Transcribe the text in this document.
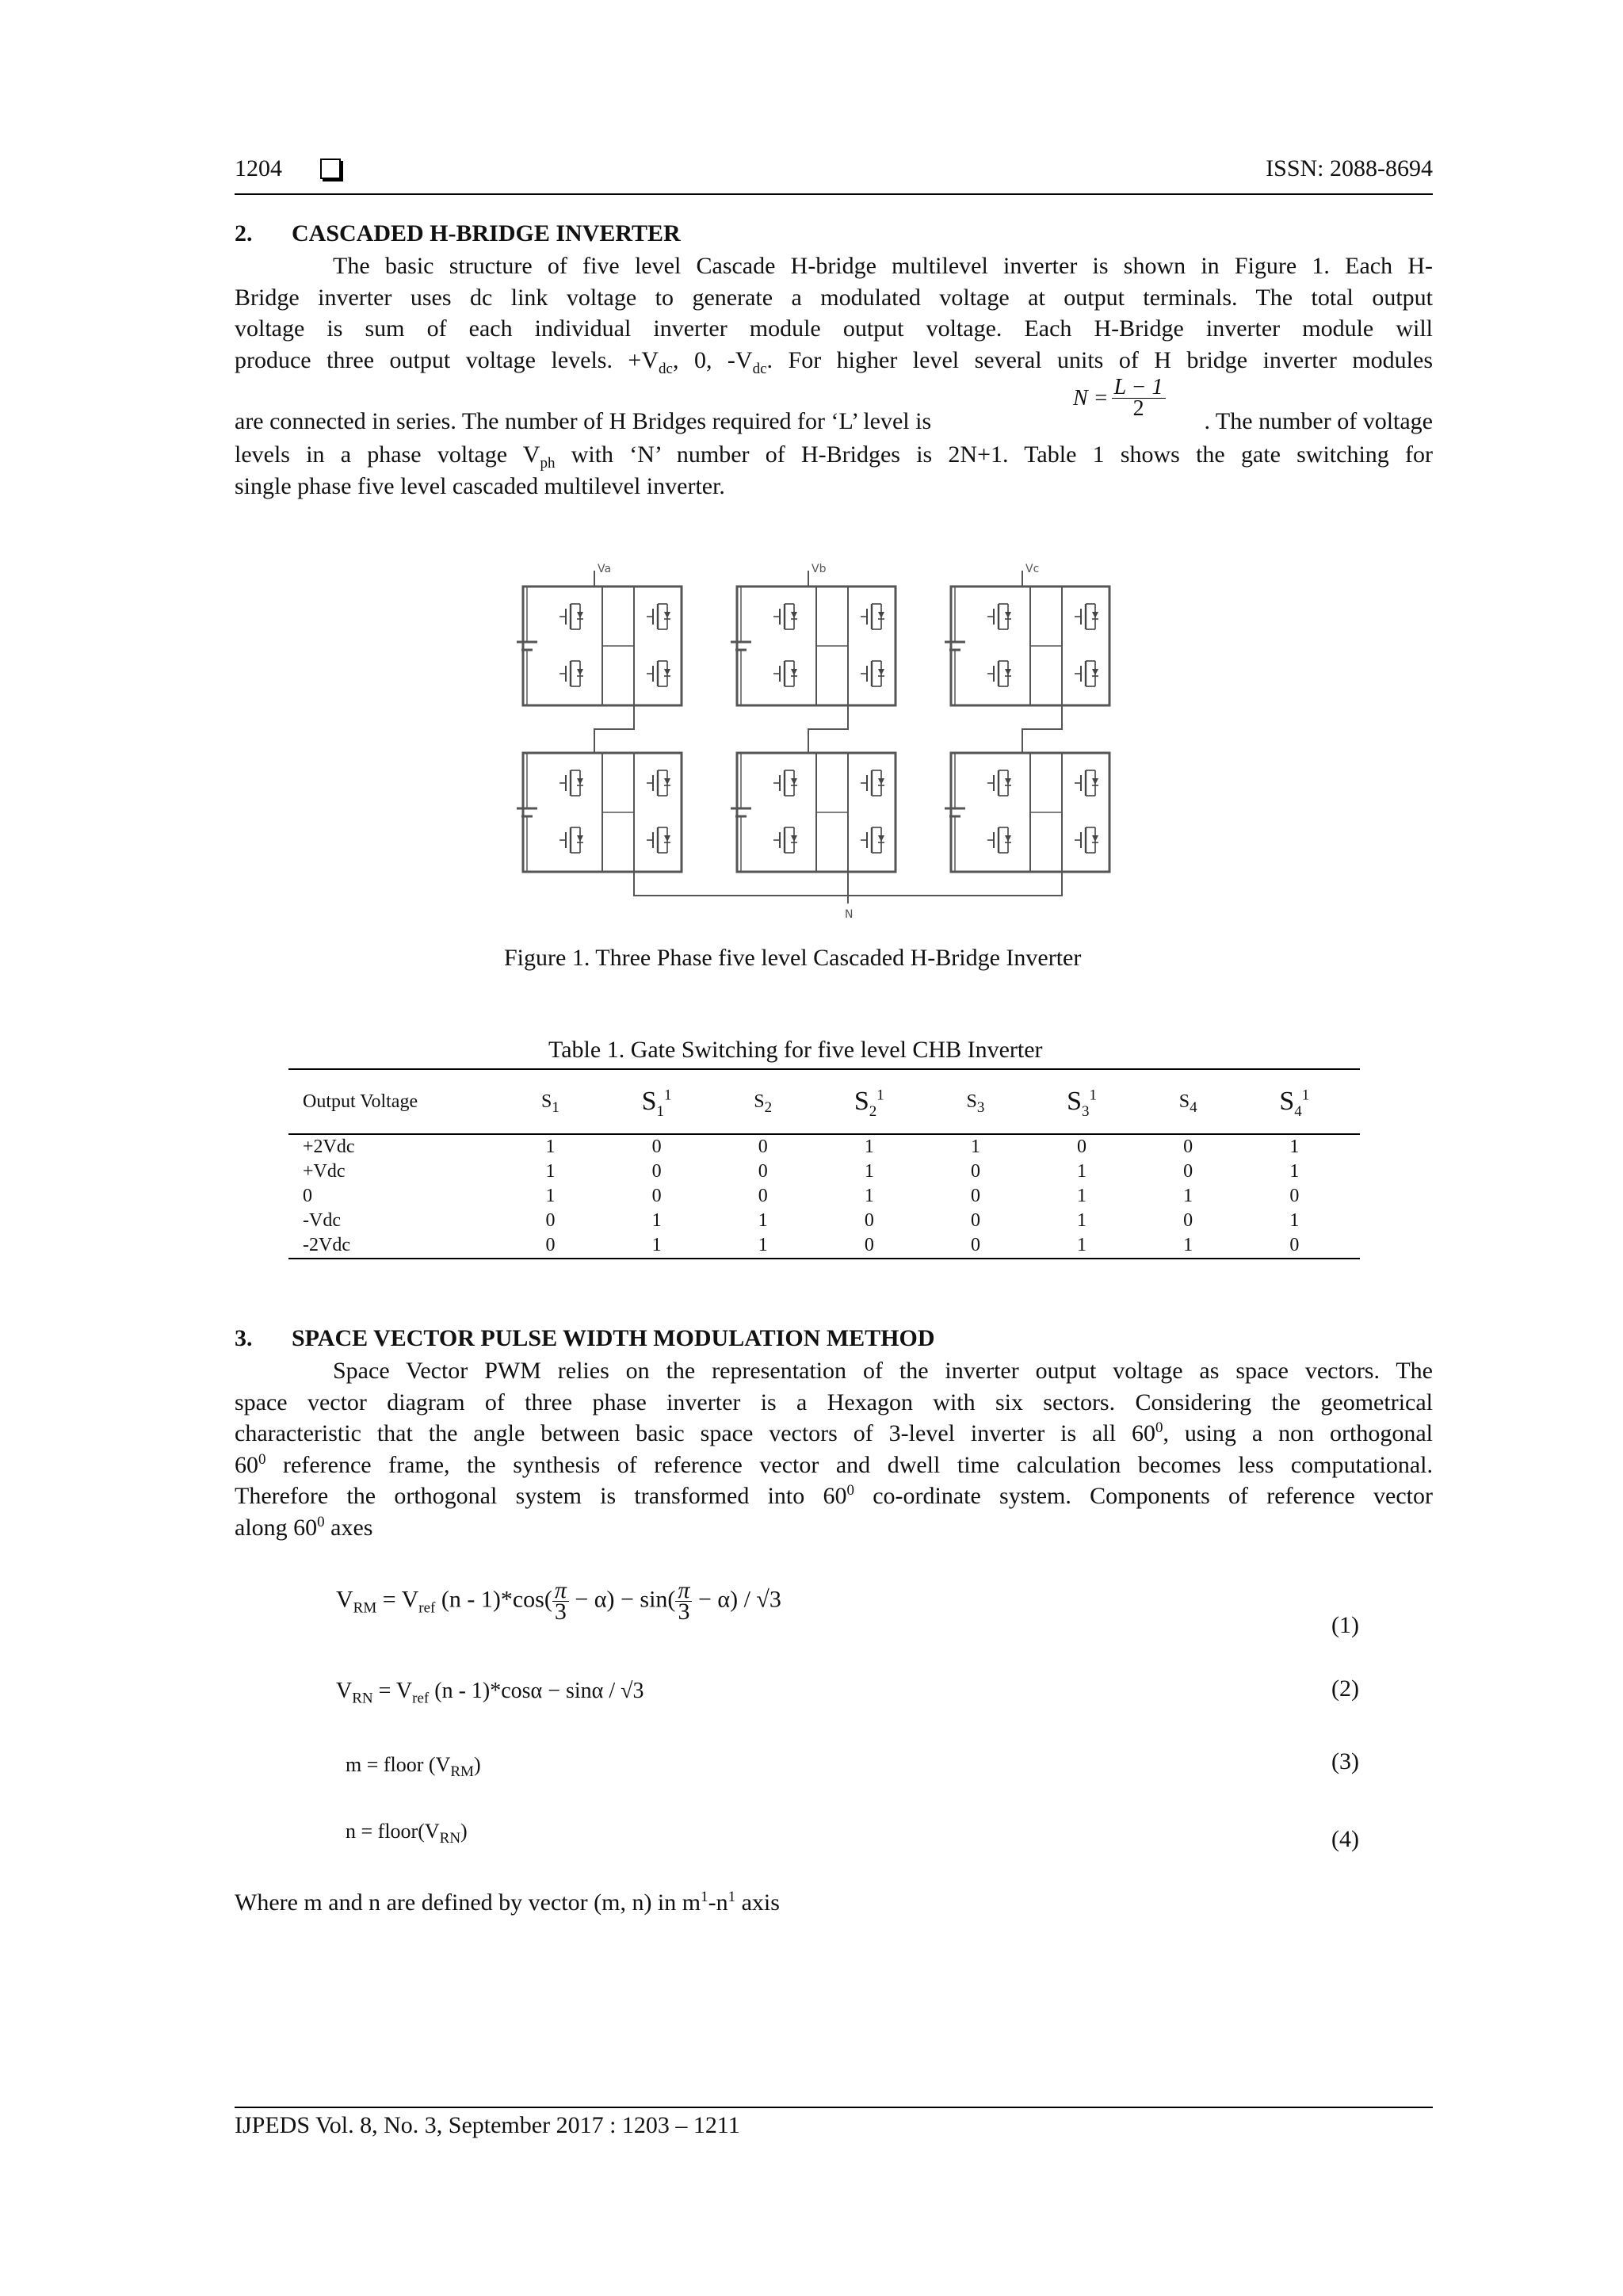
1204	ISSN: 2088-8694
2. CASCADED H-BRIDGE INVERTER
The basic structure of five level Cascade H-bridge multilevel inverter is shown in Figure 1. Each H-
Bridge inverter uses dc link voltage to generate a modulated voltage at output terminals. The total output
voltage is sum of each individual inverter module output voltage. Each H-Bridge inverter module will
produce three output voltage levels. $+V_{dc}$, 0, $-V_{dc}$. For higher level several units of H bridge inverter modules
are connected in series. The number of H Bridges required for ‘L’ level is
$N = \frac{L - 1}{2}$
. The number of voltage
levels in a phase voltage $V_{ph}$ with ‘N’ number of H-Bridges is 2N+1. Table 1 shows the gate switching for
single phase five level cascaded multilevel inverter.
Va	Vb	Vc
N
Figure 1. Three Phase five level Cascaded H-Bridge Inverter
Table 1. Gate Switching for five level CHB Inverter
Output Voltage	$S_1$	$S_1^1$	$S_2$	$S_2^1$	$S_3$	$S_3^1$	$S_4$	$S_4^1$
+2Vdc	1	0	0	1	1	0	0	1
+Vdc	1	0	0	1	0	1	0	1
0	1	0	0	1	0	1	1	0
-Vdc	0	1	1	0	0	1	0	1
-2Vdc	0	1	1	0	0	1	1	0
3. SPACE VECTOR PULSE WIDTH MODULATION METHOD
Space Vector PWM relies on the representation of the inverter output voltage as space vectors. The
space vector diagram of three phase inverter is a Hexagon with six sectors. Considering the geometrical
characteristic that the angle between basic space vectors of 3-level inverter is all $60^0$, using a non orthogonal
$60^0$ reference frame, the synthesis of reference vector and dwell time calculation becomes less computational.
Therefore the orthogonal system is transformed into $60^0$ co-ordinate system. Components of reference vector
along $60^0$ axes
$V_{RM} = V_{ref}$ $(n - 1)*\cos( \frac{\pi}{3} - \alpha) - \sin( \frac{\pi}{3} - \alpha) / √3$
(1)
$V_{RN} = V_{ref}$ (n - 1)*cosα − sinα / √3	(2)
m = floor $(V_{RM})$	(3)
$n = floor(V_{RN})$	(4)
Where m and n are defined by vector (m, n) in $m^1-n^1$ axis
IJPEDS Vol. 8, No. 3, September 2017 : 1203 – 1211
